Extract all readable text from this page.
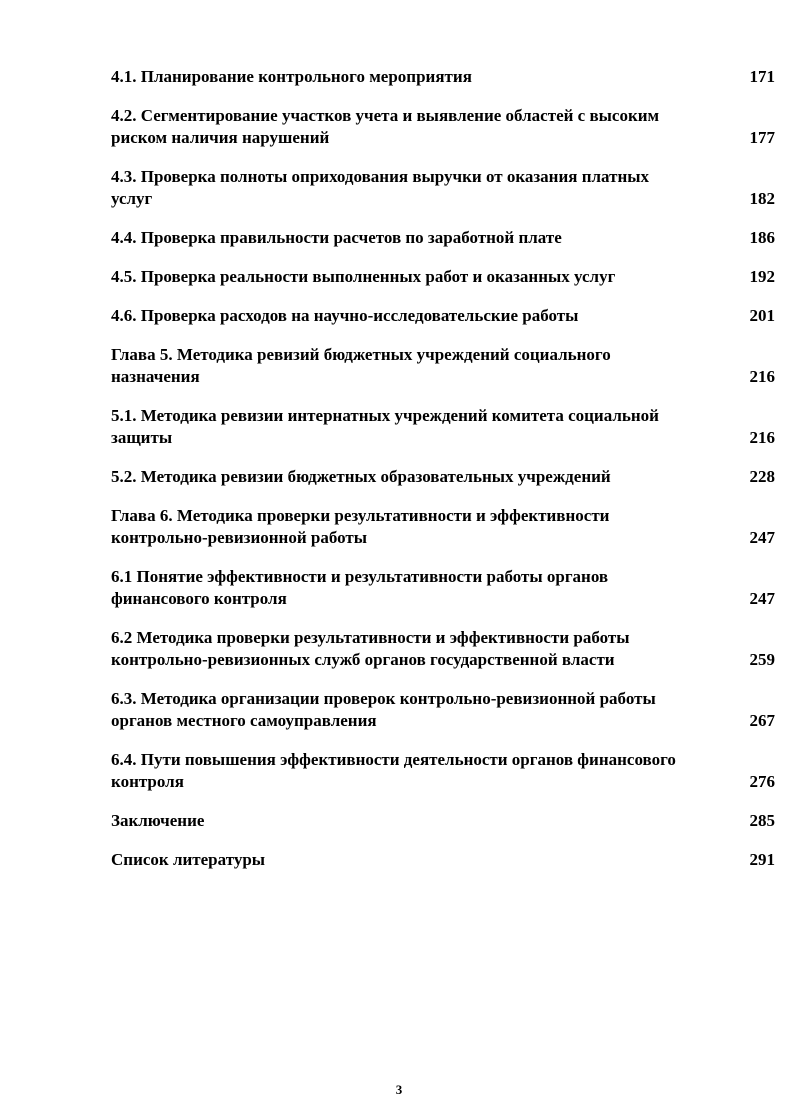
4.1. Планирование контрольного мероприятия	171
4.2. Сегментирование участков учета и выявление областей с высоким
риском наличия нарушений	177
4.3. Проверка полноты оприходования выручки от оказания платных
услуг	182
4.4. Проверка правильности расчетов по заработной плате	186
4.5. Проверка реальности выполненных работ и оказанных услуг	192
4.6. Проверка расходов на научно-исследовательские работы	201
Глава 5. Методика ревизий бюджетных учреждений социального
назначения	216
5.1. Методика ревизии интернатных учреждений комитета социальной
защиты	216
5.2. Методика ревизии бюджетных образовательных учреждений	228
Глава 6. Методика проверки результативности и эффективности
контрольно-ревизионной работы	247
6.1 Понятие эффективности и результативности работы органов
финансового контроля	247
6.2 Методика проверки результативности и эффективности работы
контрольно-ревизионных служб органов государственной власти	259
6.3. Методика организации проверок контрольно-ревизионной работы
органов местного самоуправления	267
6.4. Пути повышения эффективности деятельности органов финансового
контроля	276
Заключение	285
Список литературы	291
3
